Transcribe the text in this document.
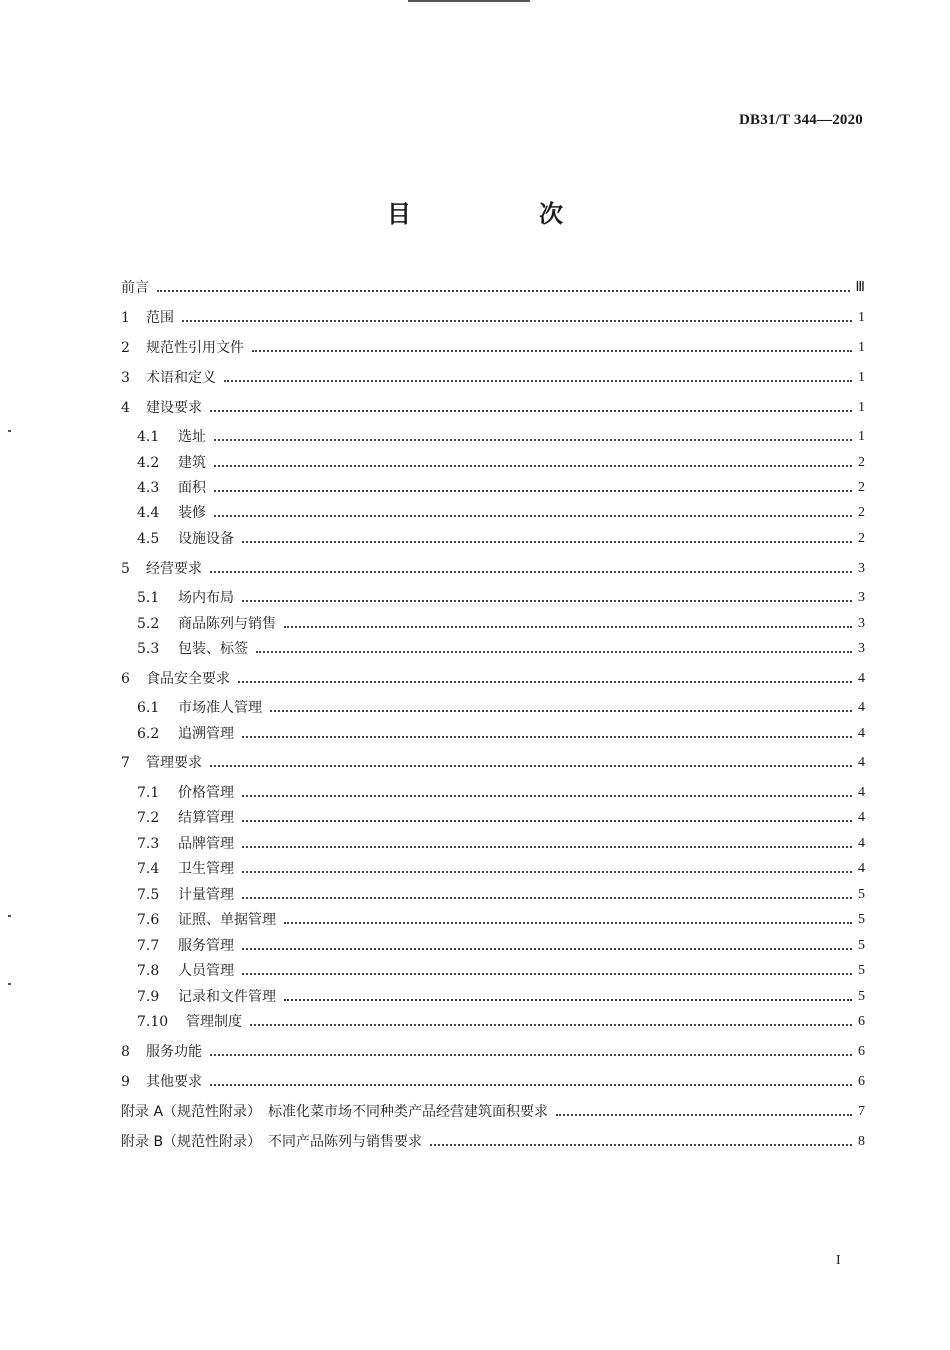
DB31/T 344—2020
目　次
前言	Ⅲ
1	范围	1
2	规范性引用文件	1
3	术语和定义	1
4	建设要求	1
4.1	选址	1
4.2	建筑	2
4.3	面积	2
4.4	装修	2
4.5	设施设备	2
5	经营要求	3
5.1	场内布局	3
5.2	商品陈列与销售	3
5.3	包装、标签	3
6	食品安全要求	4
6.1	市场准人管理	4
6.2	追溯管理	4
7	管理要求	4
7.1	价格管理	4
7.2	结算管理	4
7.3	品牌管理	4
7.4	卫生管理	4
7.5	计量管理	5
7.6	证照、单据管理	5
7.7	服务管理	5
7.8	人员管理	5
7.9	记录和文件管理	5
7.10	管理制度	6
8	服务功能	6
9	其他要求	6
附录 A（规范性附录）　标准化菜市场不同种类产品经营建筑面积要求	7
附录 B（规范性附录）　不同产品陈列与销售要求	8
I
